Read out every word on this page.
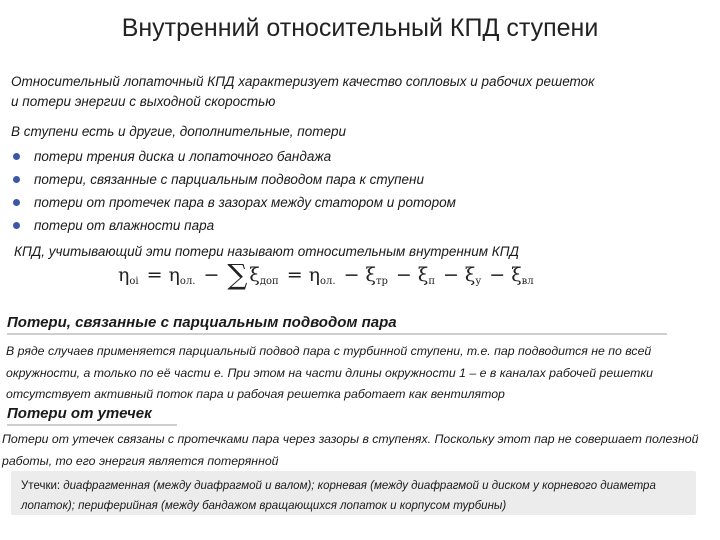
Внутренний относительный КПД ступени
Относительный лопаточный КПД характеризует качество сопловых и рабочих решеток
и потери энергии с выходной скоростью
В ступени есть и другие, дополнительные, потери
потери трения диска и лопаточного бандажа
потери, связанные с парциальным подводом пара к ступени
потери от протечек пара в зазорах между статором и ротором
потери от влажности пара
КПД, учитывающий эти потери называют относительным внутренним КПД
η oi = η ол. − ∑ ξ доп = η ол. − ξ тр − ξ п − ξ у − ξ вл
Потери, связанные с парциальным подводом пара
В ряде случаев применяется парциальный подвод пара с турбинной ступени, т.е. пар подводится не по всей окружности, а только по её части e. При этом на части длины окружности 1 – e в каналах рабочей решетки отсутствует активный поток пара и рабочая решетка работает как вентилятор
Потери от утечек
Потери от утечек связаны с протечками пара через зазоры в ступенях. Поскольку этот пар не совершает полезной работы, то его энергия является потерянной
Утечки: диафрагменная (между диафрагмой и валом); корневая (между диафрагмой и диском у корневого диаметра лопаток); периферийная (между бандажом вращающихся лопаток и корпусом турбины)
